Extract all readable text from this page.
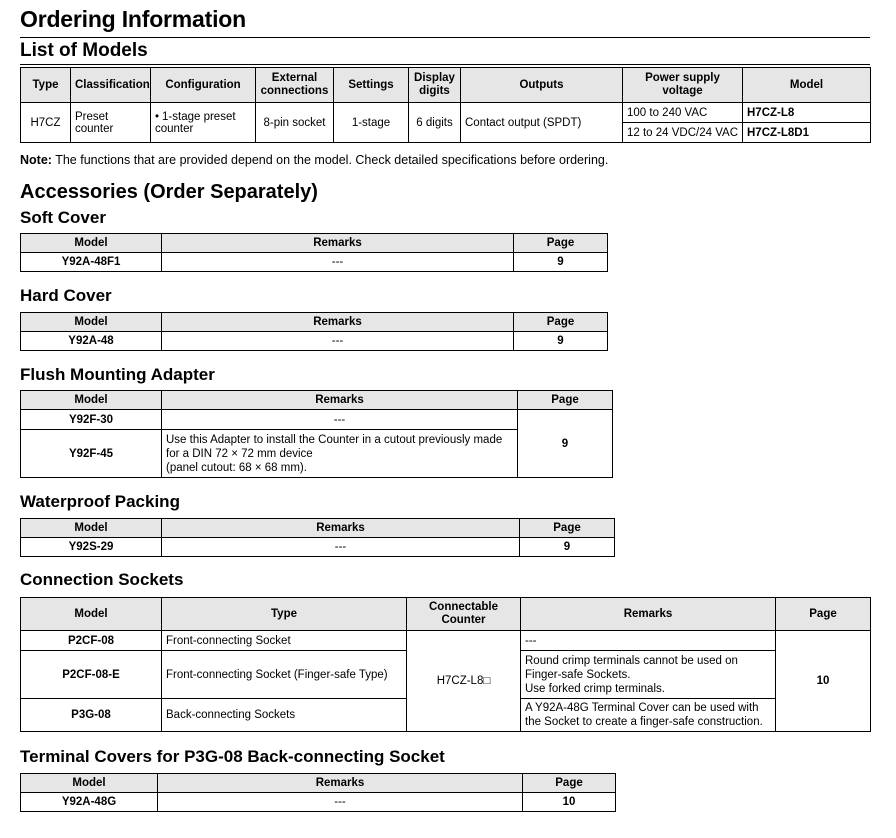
Ordering Information
List of Models
Type	Classification	Configuration	External connections	Settings	Display digits	Outputs	Power supply voltage	Model
H7CZ	Preset counter	• 1-stage preset counter	8-pin socket	1-stage	6 digits	Contact output (SPDT)	100 to 240 VAC	H7CZ-L8
							12 to 24 VDC/24 VAC	H7CZ-L8D1
Note: The functions that are provided depend on the model. Check detailed specifications before ordering.
Accessories (Order Separately)
Soft Cover
Model	Remarks	Page
Y92A-48F1	---	9
Hard Cover
Model	Remarks	Page
Y92A-48	---	9
Flush Mounting Adapter
Model	Remarks	Page
Y92F-30	---	9
Y92F-45	Use this Adapter to install the Counter in a cutout previously made
for a DIN 72 × 72 mm device
(panel cutout: 68 × 68 mm).	
Waterproof Packing
Model	Remarks	Page
Y92S-29	---	9
Connection Sockets
Model	Type	Connectable Counter	Remarks	Page
P2CF-08	Front-connecting Socket	H7CZ-L8□	---	10
P2CF-08-E	Front-connecting Socket (Finger-safe Type)		Round crimp terminals cannot be used on
Finger-safe Sockets.
Use forked crimp terminals.	

P3G-08	Back-connecting Sockets		A Y92A-48G Terminal Cover can be used with
the Socket to create a finger-safe construction.	
Terminal Covers for P3G-08 Back-connecting Socket
Model	Remarks	Page
Y92A-48G	---	10
